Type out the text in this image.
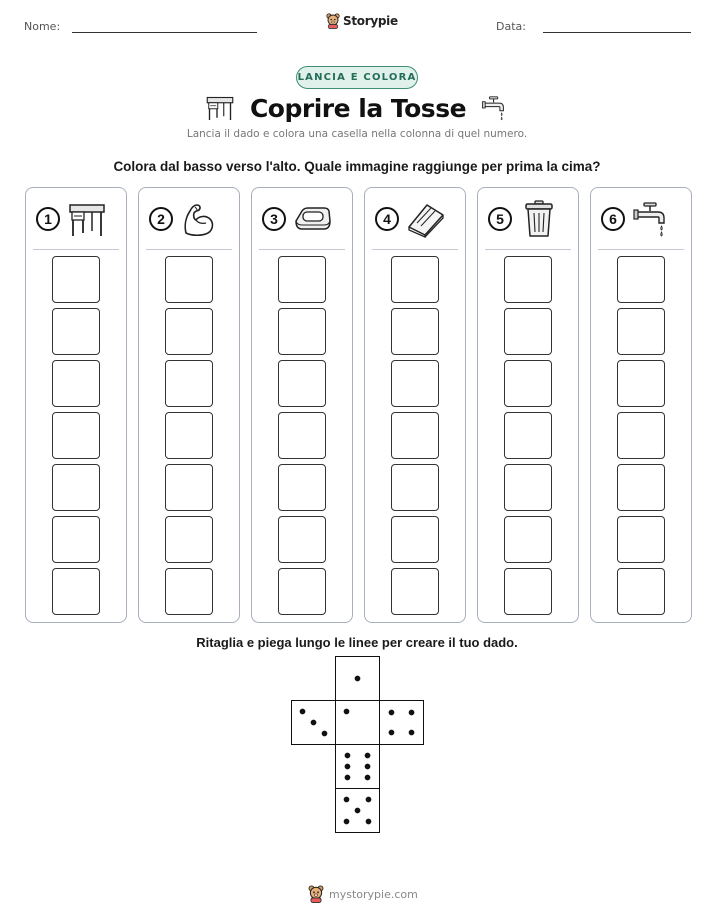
Nome:	Storypie	Data:
LANCIA E COLORA
Coprire la Tosse
Lancia il dado e colora una casella nella colonna di quel numero.
Colora dal basso verso l'alto. Quale immagine raggiunge per prima la cima?
1	2	3	4	5	6
Ritaglia e piega lungo le linee per creare il tuo dado.
mystorypie.com
